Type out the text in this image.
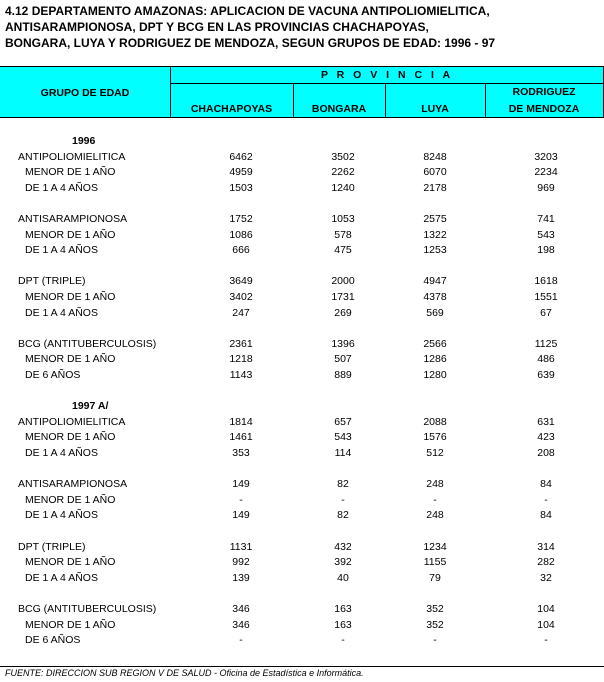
4.12 DEPARTAMENTO AMAZONAS: APLICACION DE VACUNA ANTIPOLIOMIELITICA,
ANTISARAMPIONOSA, DPT Y BCG EN LAS PROVINCIAS CHACHAPOYAS,
BONGARA, LUYA Y RODRIGUEZ DE MENDOZA, SEGUN GRUPOS DE EDAD: 1996 - 97
GRUPO DE EDAD
P R O V I N C I A
CHACHAPOYAS	BONGARA	LUYA
RODRIGUEZ
DE MENDOZA
1996
ANTIPOLIOMIELITICA	6462	3502	8248	3203
MENOR DE 1 AÑO	4959	2262	6070	2234
DE 1 A 4 AÑOS	1503	1240	2178	969
ANTISARAMPIONOSA	1752	1053	2575	741
MENOR DE 1 AÑO	1086	578	1322	543
DE 1 A 4 AÑOS	666	475	1253	198
DPT (TRIPLE)	3649	2000	4947	1618
MENOR DE 1 AÑO	3402	1731	4378	1551
DE 1 A 4 AÑOS	247	269	569	67
BCG (ANTITUBERCULOSIS)	2361	1396	2566	1125
MENOR DE 1 AÑO	1218	507	1286	486
DE 6 AÑOS	1143	889	1280	639
1997 A/
ANTIPOLIOMIELITICA	1814	657	2088	631
MENOR DE 1 AÑO	1461	543	1576	423
DE 1 A 4 AÑOS	353	114	512	208
ANTISARAMPIONOSA	149	82	248	84
MENOR DE 1 AÑO	-	-	-	-
DE 1 A 4 AÑOS	149	82	248	84
DPT (TRIPLE)	1131	432	1234	314
MENOR DE 1 AÑO	992	392	1155	282
DE 1 A 4 AÑOS	139	40	79	32
BCG (ANTITUBERCULOSIS)	346	163	352	104
MENOR DE 1 AÑO	346	163	352	104
DE 6 AÑOS	-	-	-	-
FUENTE: DIRECCION SUB REGION V DE SALUD - Oficina de Estadística e Informática.
